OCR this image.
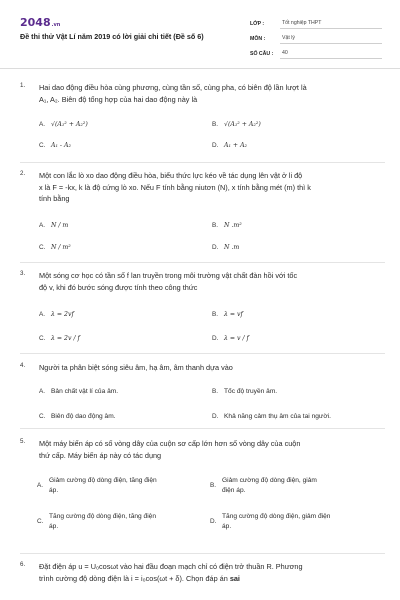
2048.vn
Đề thi thử Vật Lí năm 2019 có lời giải chi tiết (Đề số 6)
LỚP :	Tốt nghiệp THPT
MÔN :	Vật lý
SỐ CÂU :	40
1. Hai dao động điều hòa cùng phương, cùng tần số, cùng pha, có biên độ lần lượt là
A₁, A₂. Biên độ tổng hợp của hai dao động này là
A. √(A₁² + A₂²)	B. √(A₁² + A₂²)
C. A₁ - A₂	D. A₁ + A₂
2. Một con lắc lò xo dao động điều hòa, biểu thức lực kéo về tác dụng lên vật ở li độ
x là F = -kx, k là độ cứng lò xo. Nếu F tính bằng niutơn (N), x tính bằng mét (m) thì k
tính bằng
A. N / m	B. N .m²
C. N / m²	D. N .m
3. Một sóng cơ học có tần số f lan truyền trong môi trường vật chất đàn hồi với tốc
độ v, khi đó bước sóng được tính theo công thức
A. λ = 2vf	B. λ = vf
C. λ = 2v / f	D. λ = v / f
4. Người ta phân biệt sóng siêu âm, hạ âm, âm thanh dựa vào
A. Bản chất vật lí của âm.	B. Tốc độ truyền âm.
C. Biên độ dao động âm.	D. Khả năng cảm thụ âm của tai người.
5. Một máy biến áp có số vòng dây của cuộn sơ cấp lớn hơn số vòng dây của cuộn
thứ cấp. Máy biến áp này có tác dụng
A.
Giảm cường độ dòng điện, tăng điện
áp.
B.
Giảm cường độ dòng điện, giảm
điện áp.
C.
Tăng cường độ dòng điện, tăng điện
áp.
D.
Tăng cường độ dòng điện, giảm điện
áp.
6. Đặt điện áp u = U₀cosωt vào hai đầu đoạn mạch chỉ có điện trở thuần R. Phương
trình cường độ dòng điện là i = i₀cos(ωt + δ). Chọn đáp án sai
